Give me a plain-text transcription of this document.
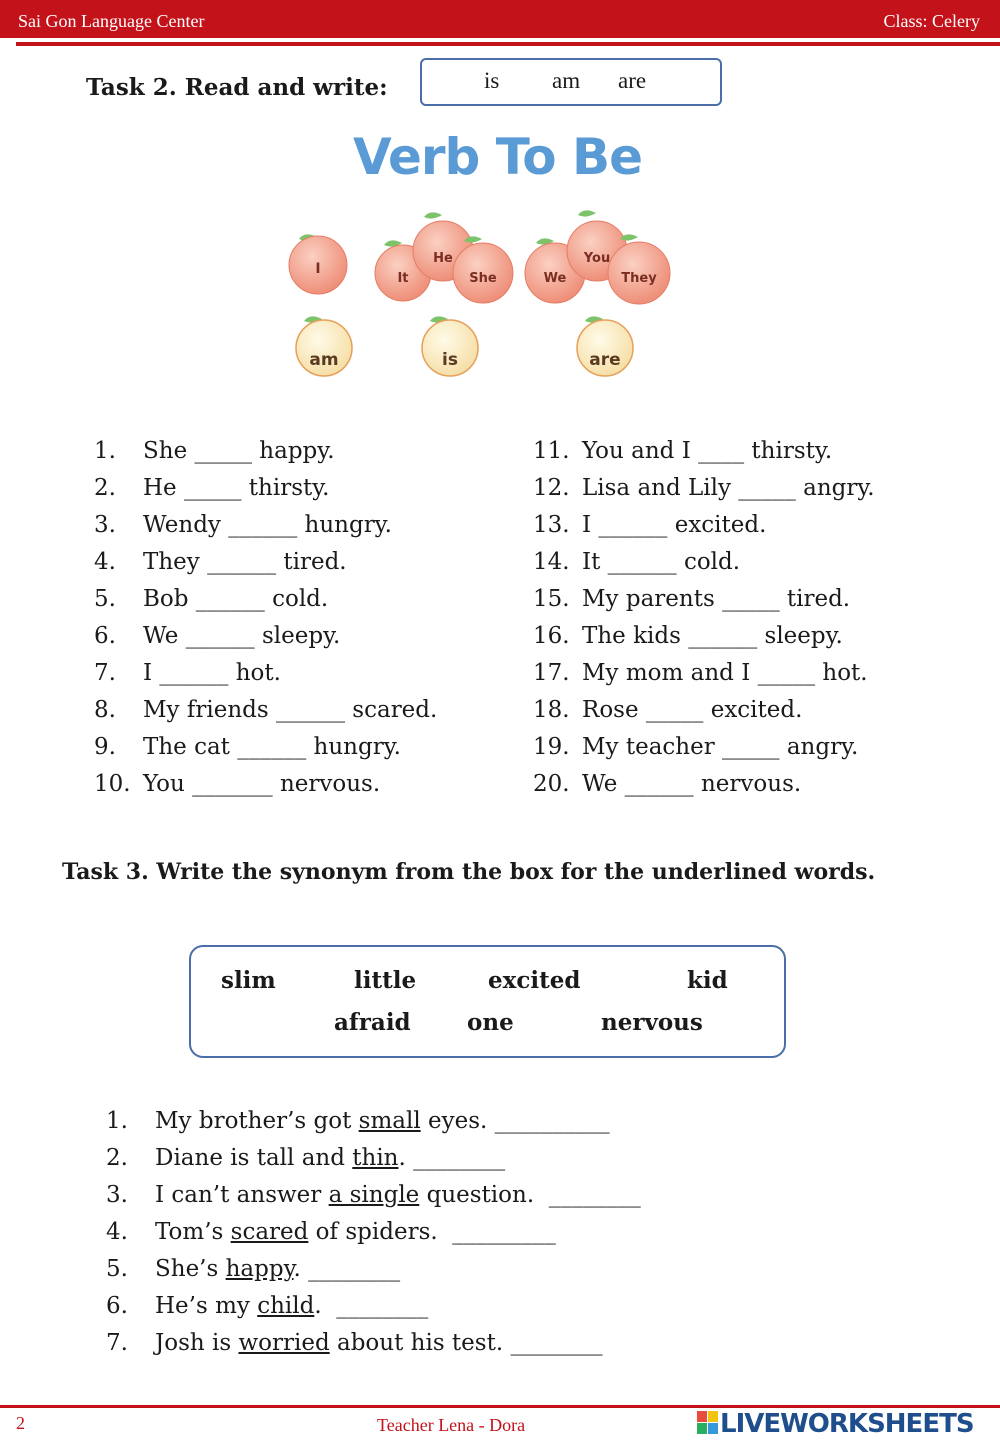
Sai Gon Language Center	Class: Celery
Task 2. Read and write:	is am are
Verb To Be
I
It
He
She	We
You
They
am	is	are
1. She _____ happy.
2. He _____ thirsty.
3. Wendy ______ hungry.
4. They ______ tired.
5. Bob ______ cold.
6. We ______ sleepy.
7. I ______ hot.
8. My friends ______ scared.
9. The cat ______ hungry.
10. You _______ nervous.
11. You and I ____ thirsty.
12. Lisa and Lily _____ angry.
13. I ______ excited.
14. It ______ cold.
15. My parents _____ tired.
16. The kids ______ sleepy.
17. My mom and I _____ hot.
18. Rose _____ excited.
19. My teacher _____ angry.
20. We ______ nervous.
Task 3. Write the synonym from the box for the underlined words.
slim	little	excited	kid
afraid one	nervous
1. My brother’s got small eyes. __________
2. Diane is tall and thin. ________
3. I can’t answer a single question.  ________
4. Tom’s scared of spiders.  _________
5. She’s happy. ________
6. He’s my child.  ________
7. Josh is worried about his test. ________
2	Teacher Lena - Dora	LIVEWORKSHEETS
